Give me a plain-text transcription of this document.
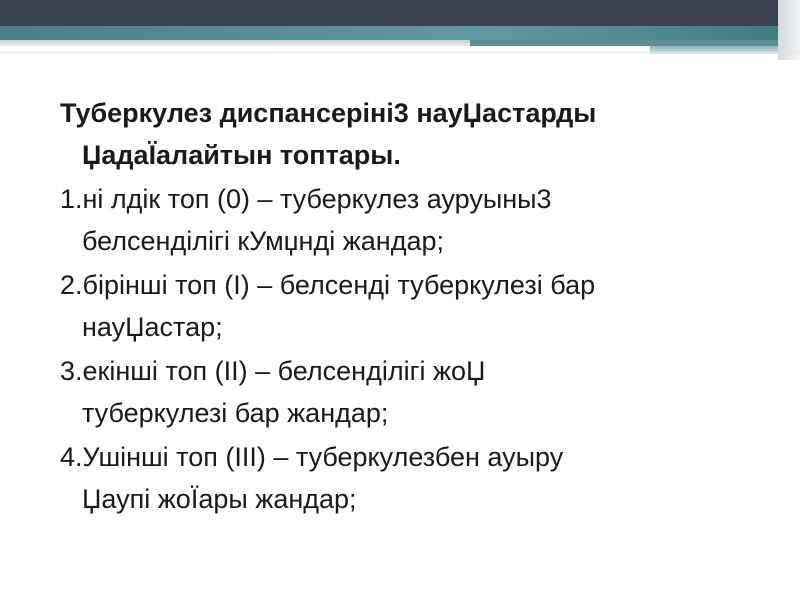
Туберкулез диспансеріні3 науЏастарды
ЏадаЇалайтын топтары.
1.ні лдік топ (0) – туберкулез ауруыны3
белсенділігі кУмџнді жандар;
2.бірінші топ (І) – белсенді туберкулезі бар
науЏастар;
3.екінші топ (ІІ) – белсенділігі жоЏ
туберкулезі бар жандар;
4.Ушінші топ (ІІІ) – туберкулезбен ауыру
Џаупі жоЇары жандар;
